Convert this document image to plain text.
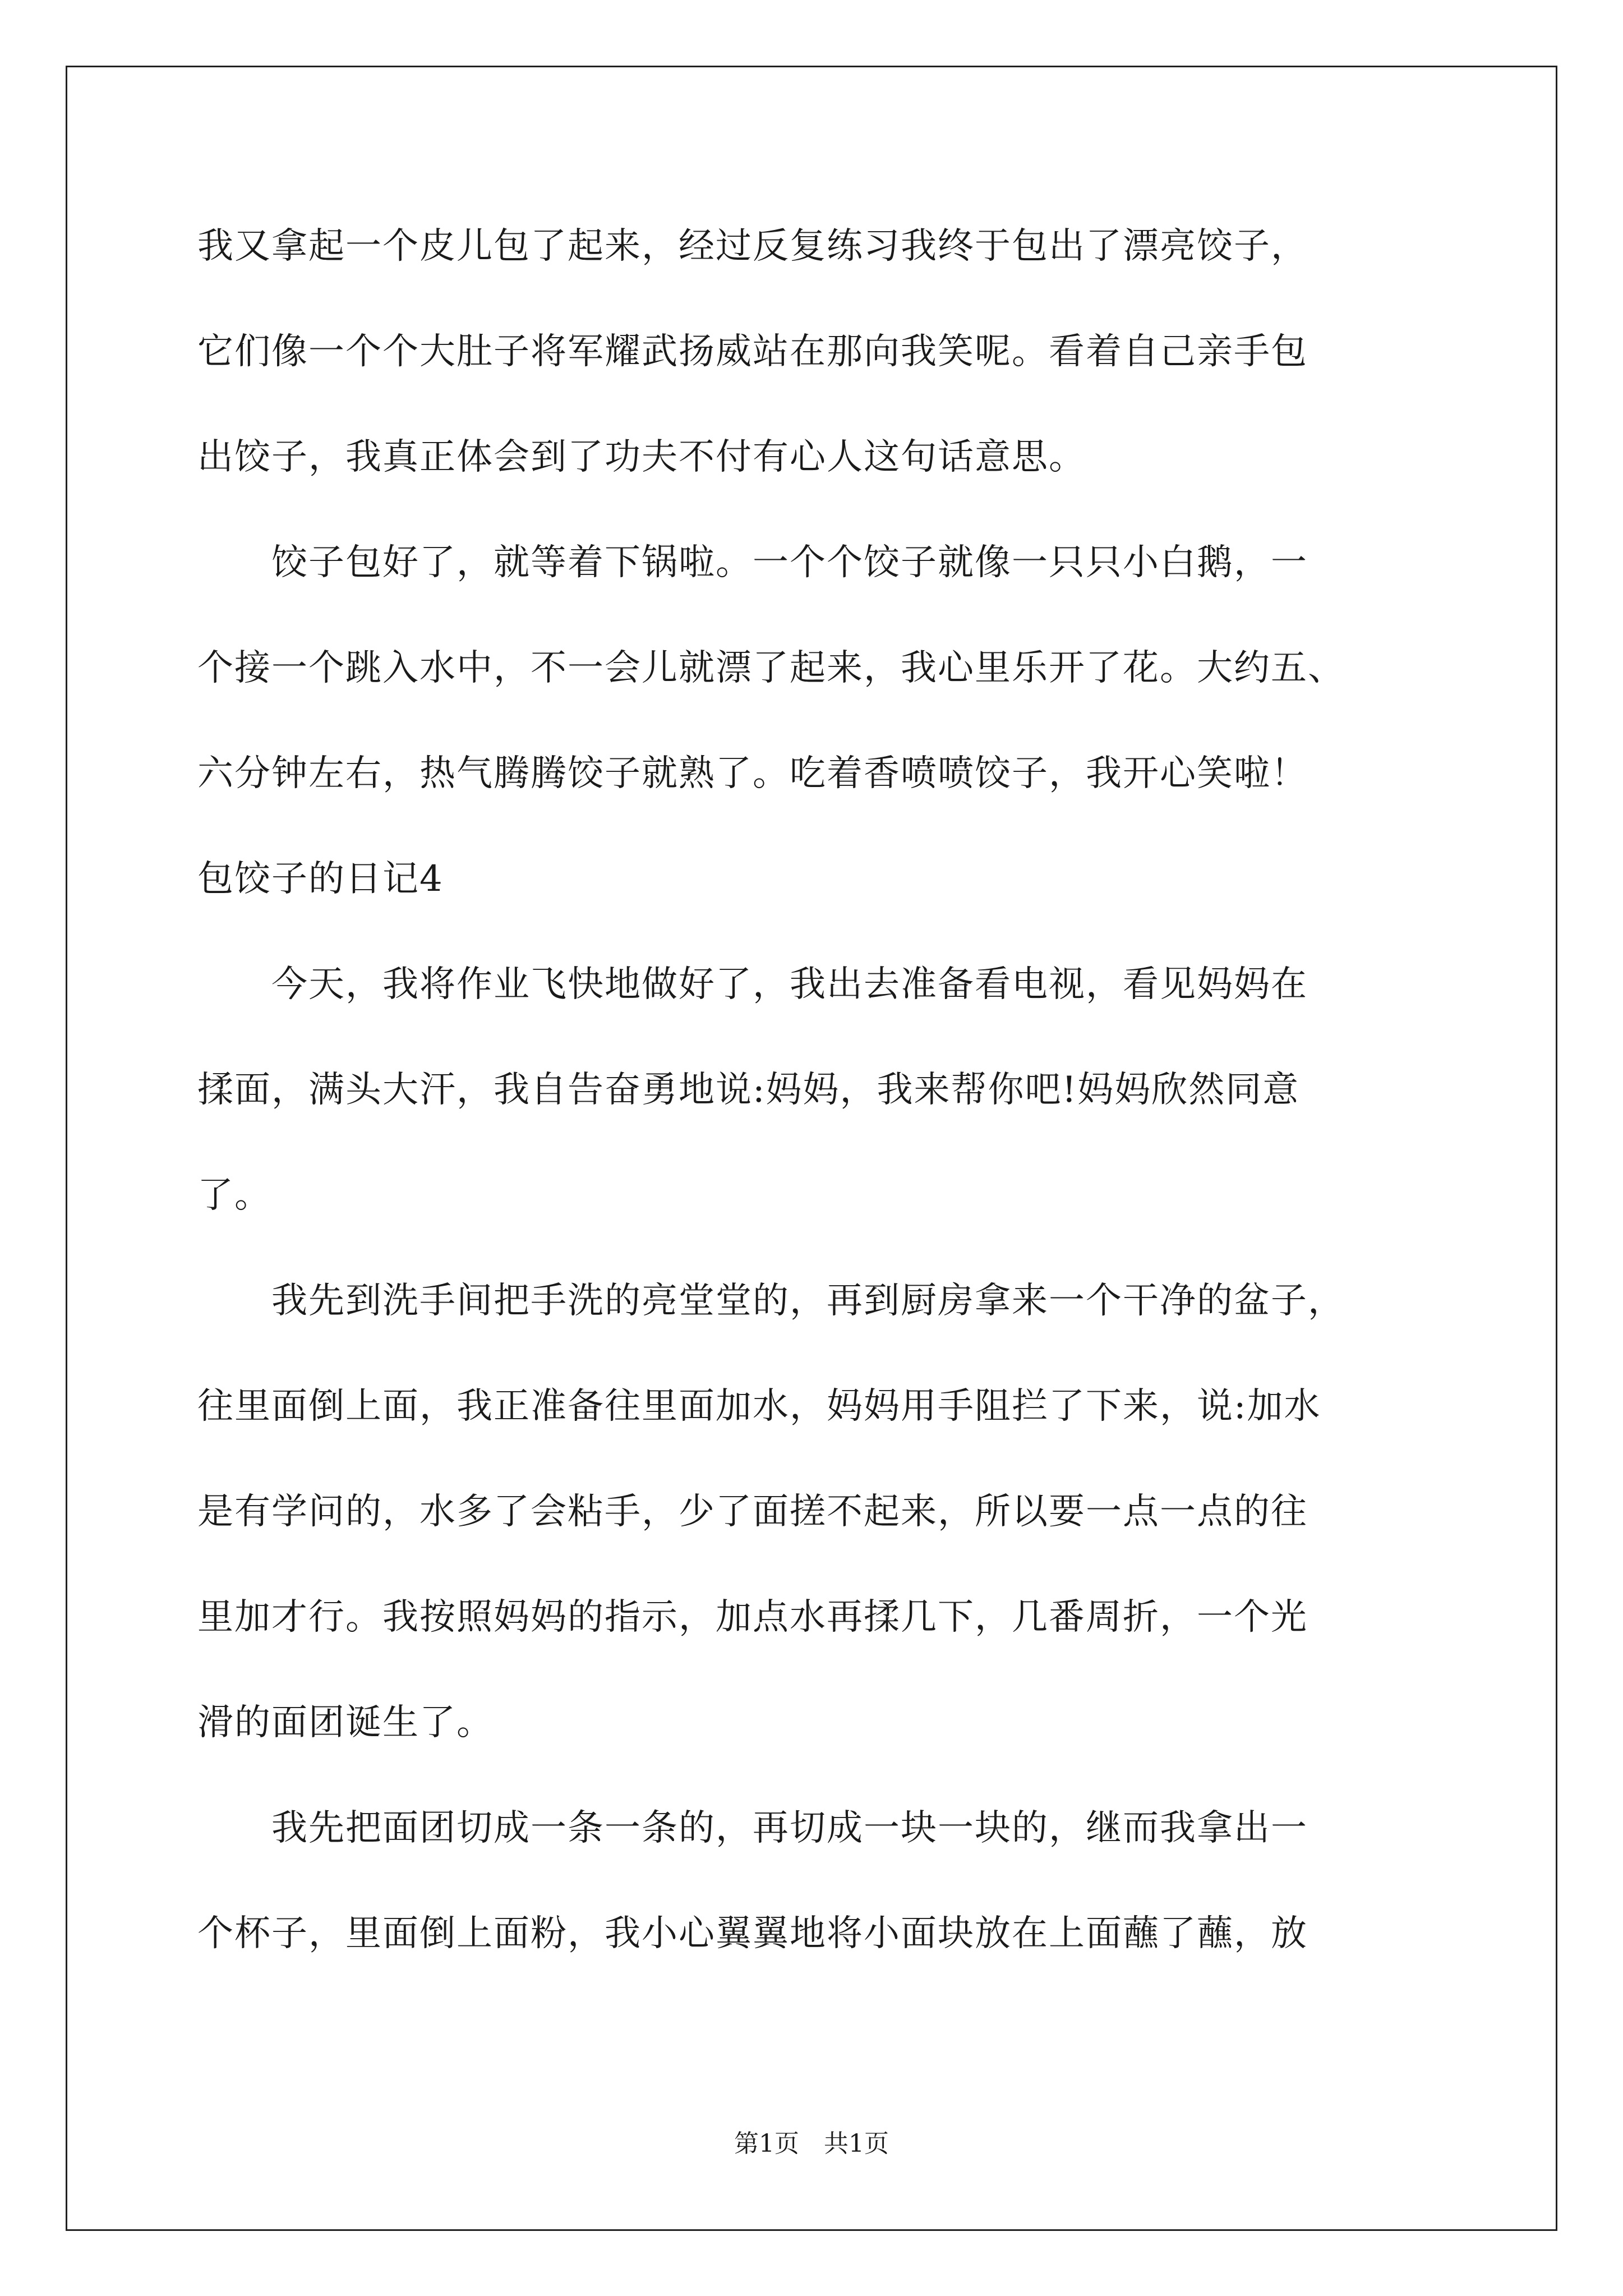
我又拿起一个皮儿包了起来，经过反复练习我终于包出了漂亮饺子，
它们像一个个大肚子将军耀武扬威站在那向我笑呢。看着自己亲手包
出饺子，我真正体会到了功夫不付有心人这句话意思。
　　饺子包好了，就等着下锅啦。一个个饺子就像一只只小白鹅，一
个接一个跳入水中，不一会儿就漂了起来，我心里乐开了花。大约五、
六分钟左右，热气腾腾饺子就熟了。吃着香喷喷饺子，我开心笑啦！
包饺子的日记4
　　今天，我将作业飞快地做好了，我出去准备看电视，看见妈妈在
揉面，满头大汗，我自告奋勇地说:妈妈，我来帮你吧!妈妈欣然同意
了。
　　我先到洗手间把手洗的亮堂堂的，再到厨房拿来一个干净的盆子，
往里面倒上面，我正准备往里面加水，妈妈用手阻拦了下来，说:加水
是有学问的，水多了会粘手，少了面搓不起来，所以要一点一点的往
里加才行。我按照妈妈的指示，加点水再揉几下，几番周折，一个光
滑的面团诞生了。
　　我先把面团切成一条一条的，再切成一块一块的，继而我拿出一
个杯子，里面倒上面粉，我小心翼翼地将小面块放在上面蘸了蘸，放
第1页　共1页
